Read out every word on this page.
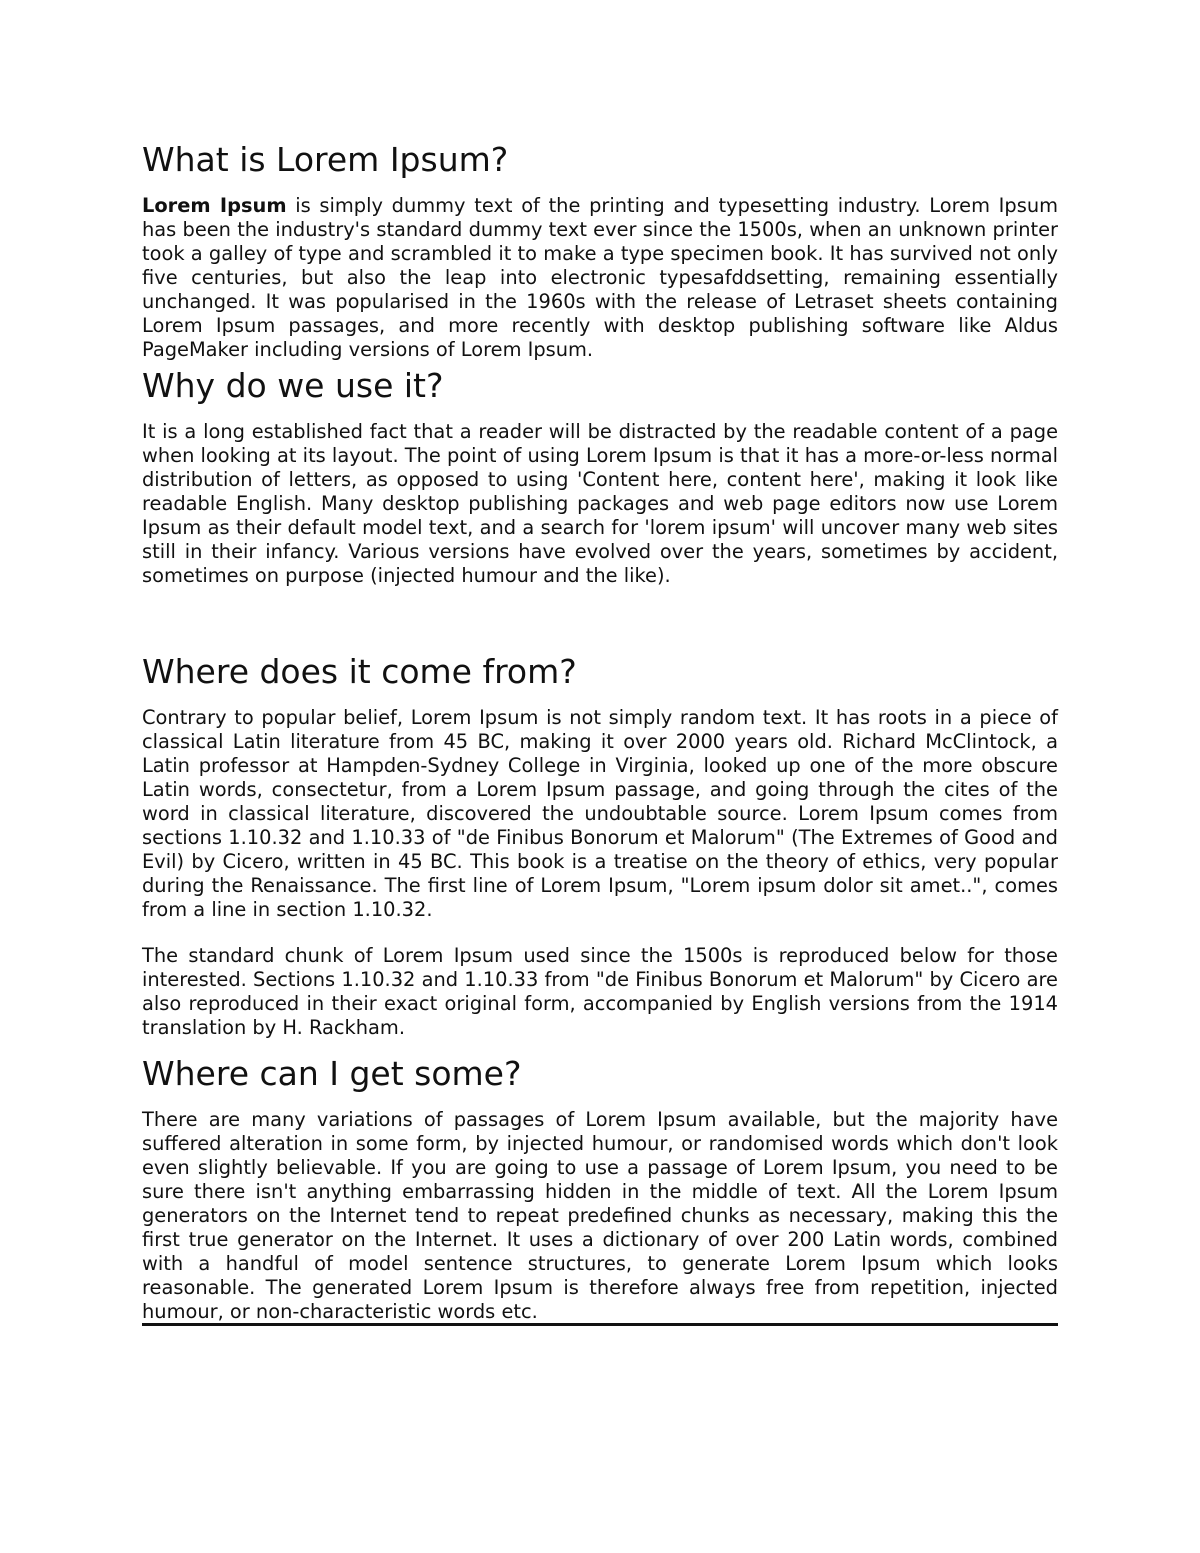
What is Lorem Ipsum?

Lorem Ipsum is simply dummy text of the printing and typesetting industry. Lorem Ipsum has been the industry's standard dummy text ever since the 1500s, when an unknown printer took a galley of type and scrambled it to make a type specimen book. It has survived not only five centuries, but also the leap into electronic typesafddsetting, remaining essentially unchanged. It was popularised in the 1960s with the release of Letraset sheets containing Lorem Ipsum passages, and more recently with desktop publishing software like Aldus PageMaker including versions of Lorem Ipsum.

Why do we use it?

It is a long established fact that a reader will be distracted by the readable content of a page when looking at its layout. The point of using Lorem Ipsum is that it has a more-or-less normal distribution of letters, as opposed to using 'Content here, content here', making it look like readable English. Many desktop publishing packages and web page editors now use Lorem Ipsum as their default model text, and a search for 'lorem ipsum' will uncover many web sites still in their infancy. Various versions have evolved over the years, sometimes by accident, sometimes on purpose (injected humour and the like).

Where does it come from?

Contrary to popular belief, Lorem Ipsum is not simply random text. It has roots in a piece of classical Latin literature from 45 BC, making it over 2000 years old. Richard McClintock, a Latin professor at Hampden-Sydney College in Virginia, looked up one of the more obscure Latin words, consectetur, from a Lorem Ipsum passage, and going through the cites of the word in classical literature, discovered the undoubtable source. Lorem Ipsum comes from sections 1.10.32 and 1.10.33 of "de Finibus Bonorum et Malorum" (The Extremes of Good and Evil) by Cicero, written in 45 BC. This book is a treatise on the theory of ethics, very popular during the Renaissance. The first line of Lorem Ipsum, "Lorem ipsum dolor sit amet..", comes from a line in section 1.10.32.

The standard chunk of Lorem Ipsum used since the 1500s is reproduced below for those interested. Sections 1.10.32 and 1.10.33 from "de Finibus Bonorum et Malorum" by Cicero are also reproduced in their exact original form, accompanied by English versions from the 1914 translation by H. Rackham.

Where can I get some?

There are many variations of passages of Lorem Ipsum available, but the majority have suffered alteration in some form, by injected humour, or randomised words which don't look even slightly believable. If you are going to use a passage of Lorem Ipsum, you need to be sure there isn't anything embarrassing hidden in the middle of text. All the Lorem Ipsum generators on the Internet tend to repeat predefined chunks as necessary, making this the first true generator on the Internet. It uses a dictionary of over 200 Latin words, combined with a handful of model sentence structures, to generate Lorem Ipsum which looks reasonable. The generated Lorem Ipsum is therefore always free from repetition, injected humour, or non-characteristic words etc.
